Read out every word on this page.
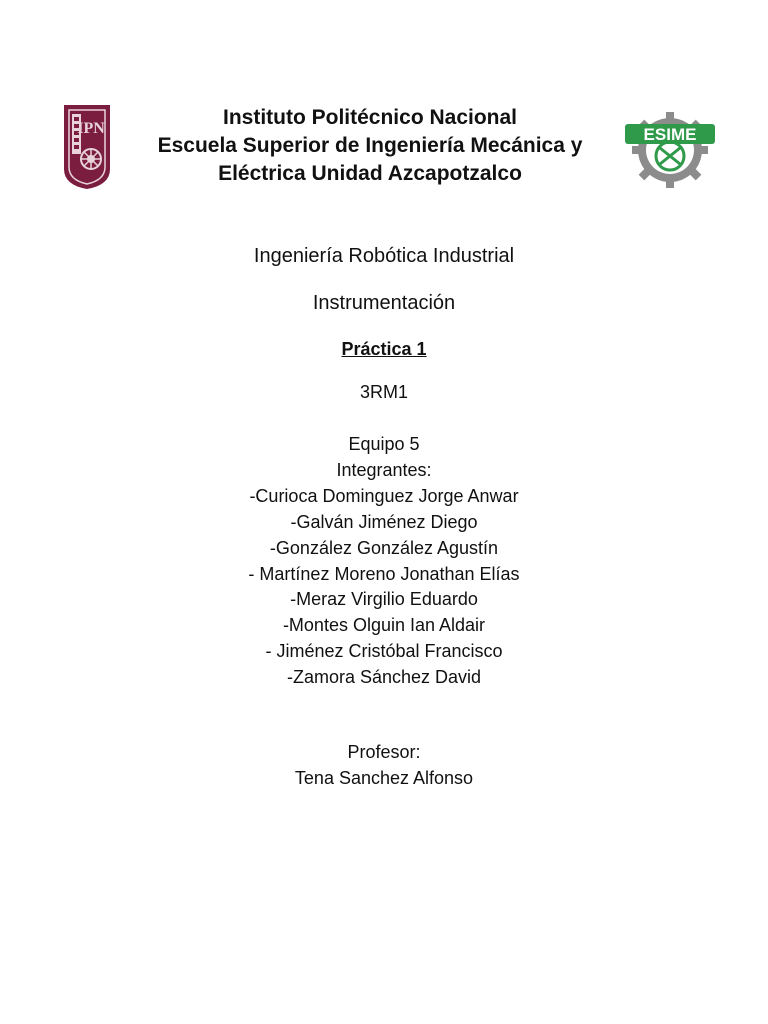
IPN	ESIME
Instituto Politécnico Nacional
Escuela Superior de Ingeniería Mecánica y
Eléctrica Unidad Azcapotzalco
Ingeniería Robótica Industrial
Instrumentación
Práctica 1
3RM1
Equipo 5
Integrantes:
-Curioca Dominguez Jorge Anwar
-Galván Jiménez Diego
-González González Agustín
- Martínez Moreno Jonathan Elías
-Meraz Virgilio Eduardo
-Montes Olguin Ian Aldair
- Jiménez Cristóbal Francisco
-Zamora Sánchez David
Profesor:
Tena Sanchez Alfonso
